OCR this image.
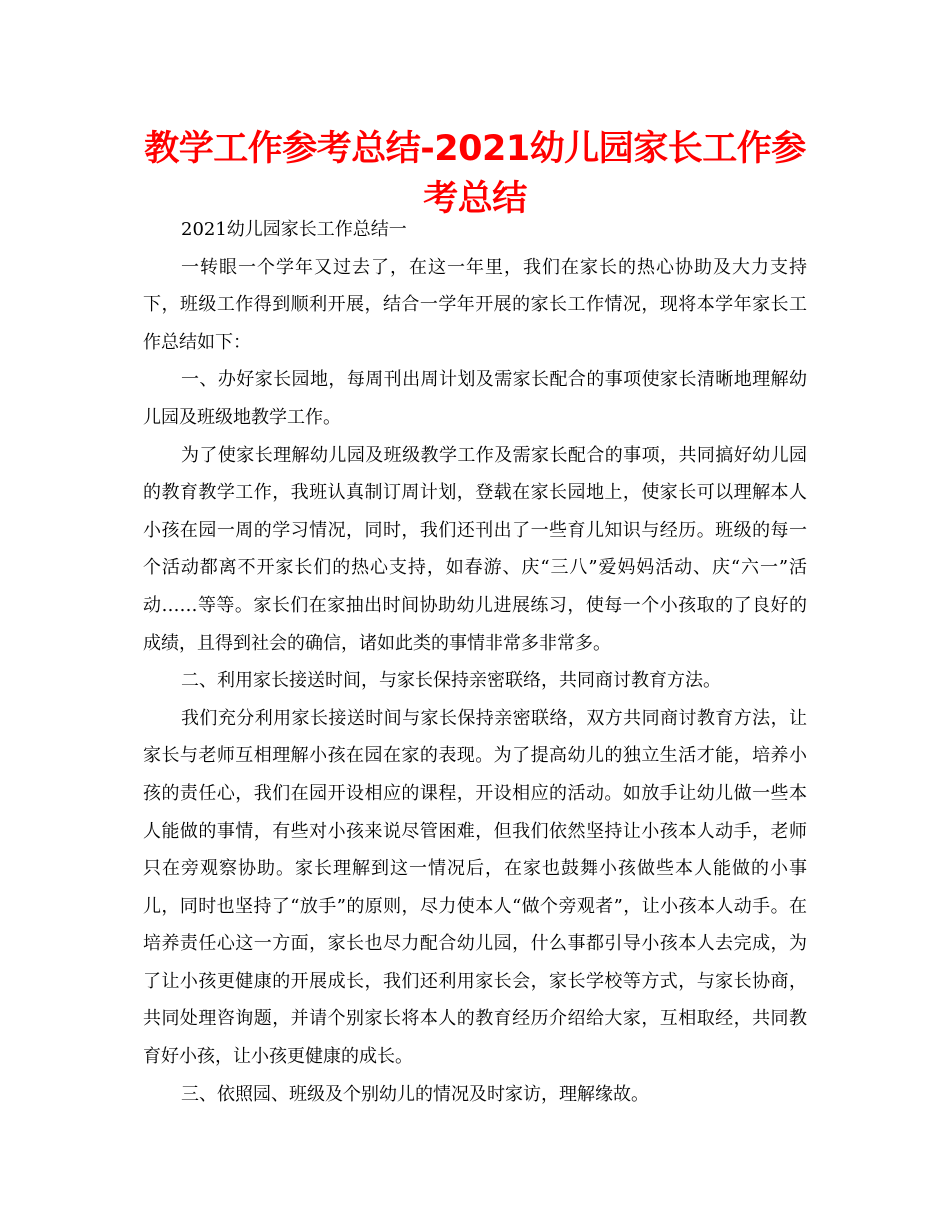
教学工作参考总结-2021幼儿园家长工作参考总结

2021幼儿园家长工作总结一

一转眼一个学年又过去了，在这一年里，我们在家长的热心协助及大力支持下，班级工作得到顺利开展，结合一学年开展的家长工作情况，现将本学年家长工作总结如下：

一、办好家长园地，每周刊出周计划及需家长配合的事项使家长清晰地理解幼儿园及班级地教学工作。

为了使家长理解幼儿园及班级教学工作及需家长配合的事项，共同搞好幼儿园的教育教学工作，我班认真制订周计划，登载在家长园地上，使家长可以理解本人小孩在园一周的学习情况，同时，我们还刊出了一些育儿知识与经历。班级的每一个活动都离不开家长们的热心支持，如春游、庆“三八”爱妈妈活动、庆“六一”活动……等等。家长们在家抽出时间协助幼儿进展练习，使每一个小孩取的了良好的成绩，且得到社会的确信，诸如此类的事情非常多非常多。

二、利用家长接送时间，与家长保持亲密联络，共同商讨教育方法。

我们充分利用家长接送时间与家长保持亲密联络，双方共同商讨教育方法，让家长与老师互相理解小孩在园在家的表现。为了提高幼儿的独立生活才能，培养小孩的责任心，我们在园开设相应的课程，开设相应的活动。如放手让幼儿做一些本人能做的事情，有些对小孩来说尽管困难，但我们依然坚持让小孩本人动手，老师只在旁观察协助。家长理解到这一情况后，在家也鼓舞小孩做些本人能做的小事儿，同时也坚持了“放手”的原则，尽力使本人“做个旁观者”，让小孩本人动手。在培养责任心这一方面，家长也尽力配合幼儿园，什么事都引导小孩本人去完成，为了让小孩更健康的开展成长，我们还利用家长会，家长学校等方式，与家长协商，共同处理咨询题，并请个别家长将本人的教育经历介绍给大家，互相取经，共同教育好小孩，让小孩更健康的成长。

三、依照园、班级及个别幼儿的情况及时家访，理解缘故。
